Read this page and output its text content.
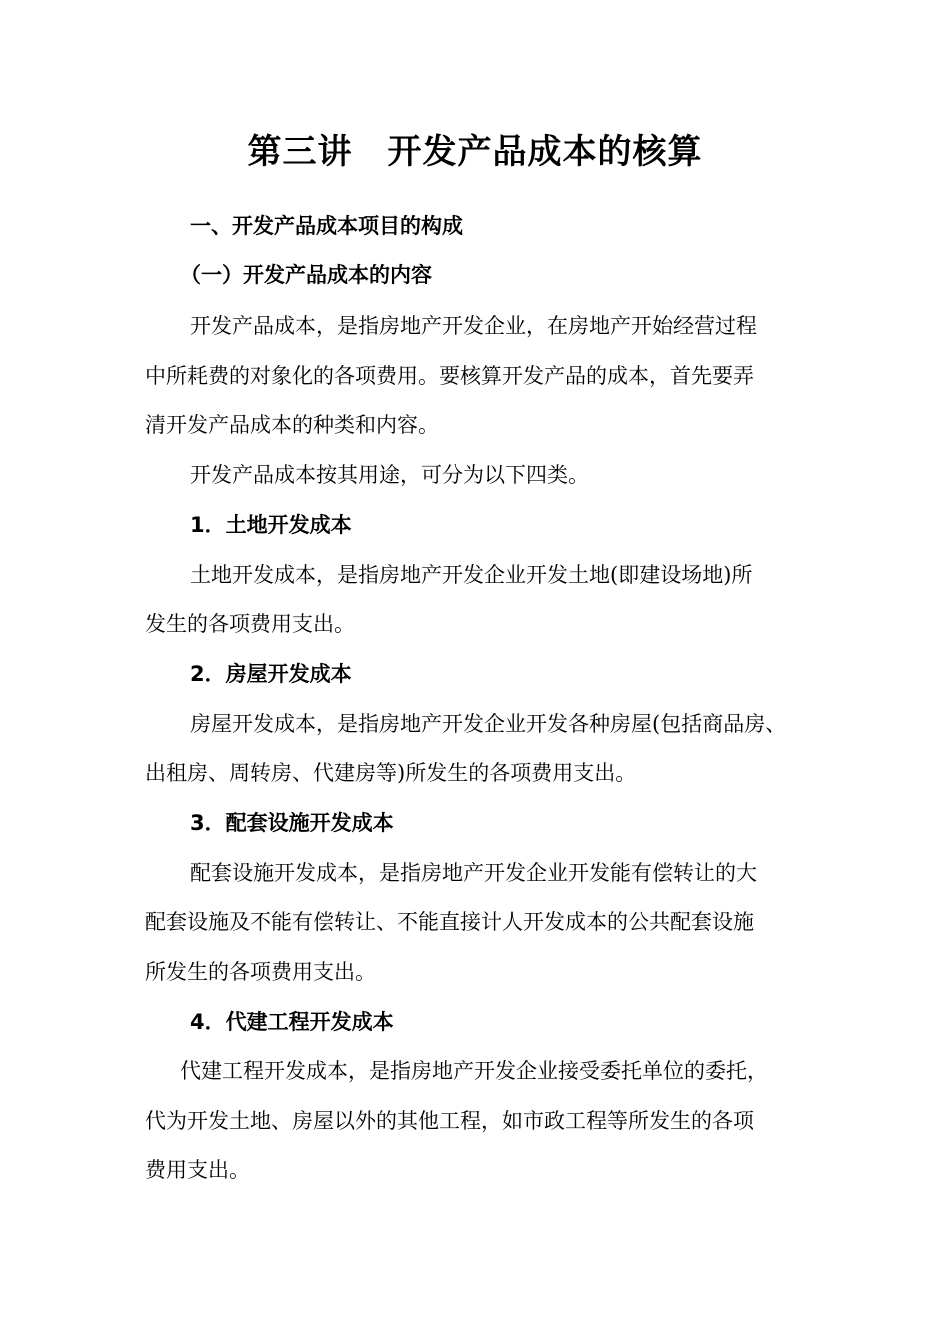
第三讲　开发产品成本的核算
一、开发产品成本项目的构成
（一）开发产品成本的内容
开发产品成本，是指房地产开发企业，在房地产开始经营过程
中所耗费的对象化的各项费用。要核算开发产品的成本，首先要弄
清开发产品成本的种类和内容。
开发产品成本按其用途，可分为以下四类。
1．土地开发成本
土地开发成本，是指房地产开发企业开发土地(即建设场地)所
发生的各项费用支出。
2．房屋开发成本
房屋开发成本，是指房地产开发企业开发各种房屋(包括商品房、
出租房、周转房、代建房等)所发生的各项费用支出。
3．配套设施开发成本
配套设施开发成本，是指房地产开发企业开发能有偿转让的大
配套设施及不能有偿转让、不能直接计人开发成本的公共配套设施
所发生的各项费用支出。
4．代建工程开发成本
代建工程开发成本，是指房地产开发企业接受委托单位的委托，
代为开发土地、房屋以外的其他工程，如市政工程等所发生的各项
费用支出。
